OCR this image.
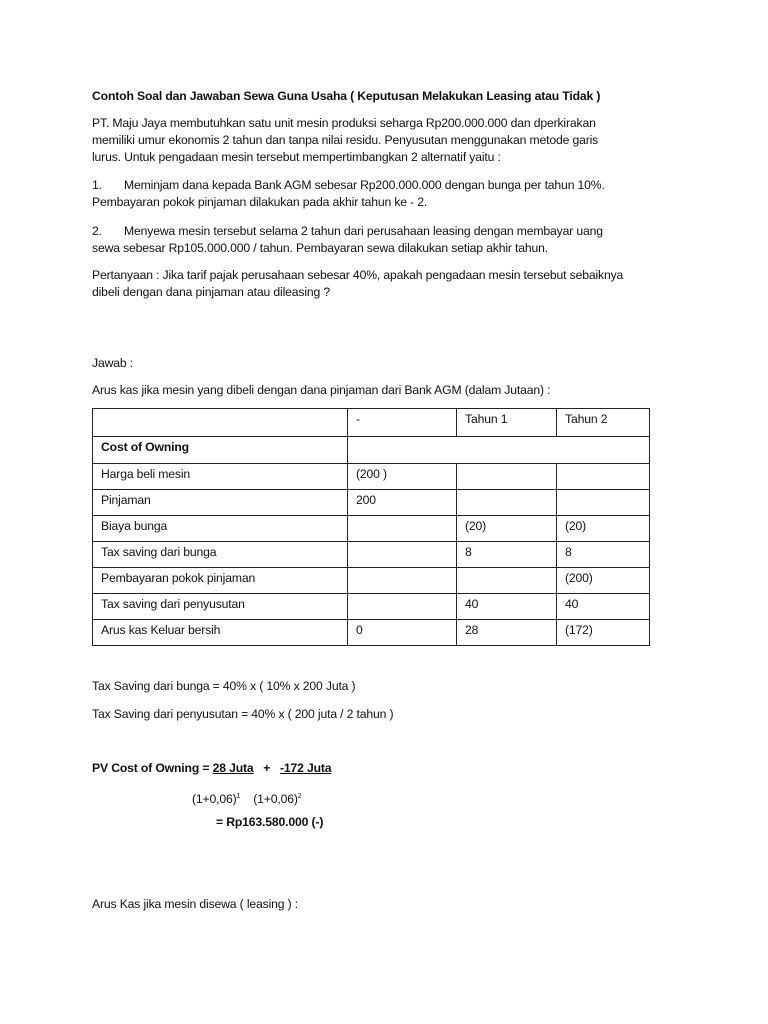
Contoh Soal dan Jawaban Sewa Guna Usaha ( Keputusan Melakukan Leasing atau Tidak )
PT. Maju Jaya membutuhkan satu unit mesin produksi seharga Rp200.000.000 dan dperkirakan
memiliki umur ekonomis 2 tahun dan tanpa nilai residu. Penyusutan menggunakan metode garis
lurus. Untuk pengadaan mesin tersebut mempertimbangkan 2 alternatif yaitu :
1. Meminjam dana kepada Bank AGM sebesar Rp200.000.000 dengan bunga per tahun 10%.
Pembayaran pokok pinjaman dilakukan pada akhir tahun ke - 2.
2. Menyewa mesin tersebut selama 2 tahun dari perusahaan leasing dengan membayar uang
sewa sebesar Rp105.000.000 / tahun. Pembayaran sewa dilakukan setiap akhir tahun.
Pertanyaan : Jika tarif pajak perusahaan sebesar 40%, apakah pengadaan mesin tersebut sebaiknya
dibeli dengan dana pinjaman atau dileasing ?
Jawab :
Arus kas jika mesin yang dibeli dengan dana pinjaman dari Bank AGM (dalam Jutaan) :
	-	Tahun 1	Tahun 2
Cost of Owning			
Harga beli mesin	(200 )		
Pinjaman	200		
Biaya bunga		(20)	(20)
Tax saving dari bunga		8	8
Pembayaran pokok pinjaman			(200)
Tax saving dari penyusutan		40	40
Arus kas Keluar bersih	0	28	(172)
Tax Saving dari bunga = 40% x ( 10% x 200 Juta )
Tax Saving dari penyusutan = 40% x ( 200 juta / 2 tahun )
PV Cost of Owning = 28 Juta + -172 Juta
$(1+0,06)^1$ $(1+0,06)^2$
= Rp163.580.000 (-)
Arus Kas jika mesin disewa ( leasing ) :
